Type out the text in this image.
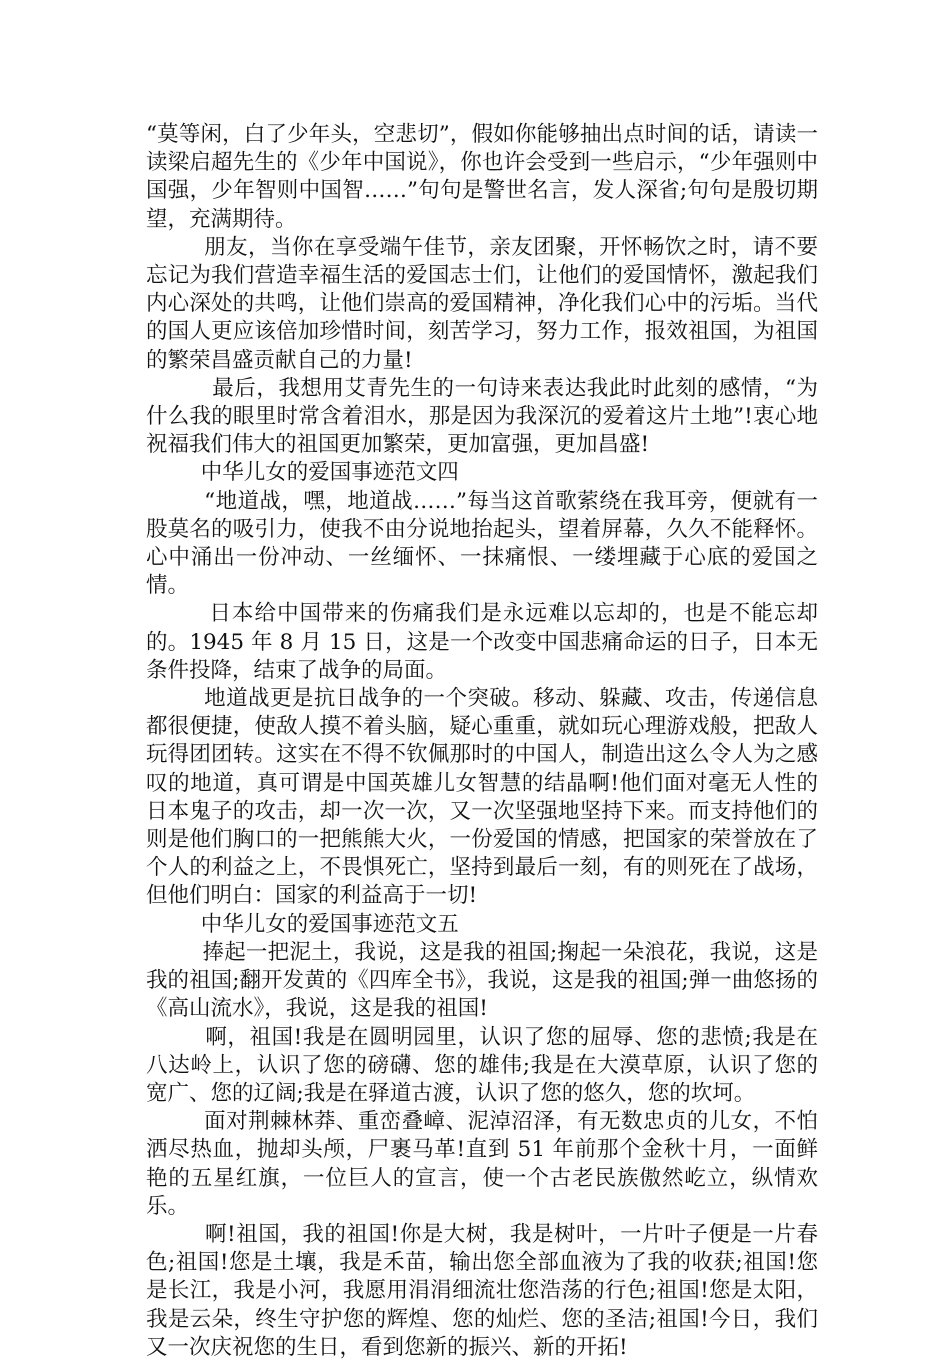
“莫等闲，白了少年头，空悲切”，假如你能够抽出点时间的话，请读一读梁启超先生的《少年中国说》，你也许会受到一些启示，“少年强则中国强，少年智则中国智……”句句是警世名言，发人深省;句句是殷切期望，充满期待。

朋友，当你在享受端午佳节，亲友团聚，开怀畅饮之时，请不要忘记为我们营造幸福生活的爱国志士们，让他们的爱国情怀，激起我们内心深处的共鸣，让他们崇高的爱国精神，净化我们心中的污垢。当代的国人更应该倍加珍惜时间，刻苦学习，努力工作，报效祖国，为祖国的繁荣昌盛贡献自己的力量!

最后，我想用艾青先生的一句诗来表达我此时此刻的感情，“为什么我的眼里时常含着泪水，那是因为我深沉的爱着这片土地”!衷心地祝福我们伟大的祖国更加繁荣，更加富强，更加昌盛!

中华儿女的爱国事迹范文四

“地道战，嘿，地道战……”每当这首歌萦绕在我耳旁，便就有一股莫名的吸引力，使我不由分说地抬起头，望着屏幕，久久不能释怀。心中涌出一份冲动、一丝缅怀、一抹痛恨、一缕埋藏于心底的爱国之情。

日本给中国带来的伤痛我们是永远难以忘却的，也是不能忘却的。1945 年 8 月 15 日，这是一个改变中国悲痛命运的日子，日本无条件投降，结束了战争的局面。

地道战更是抗日战争的一个突破。移动、躲藏、攻击，传递信息都很便捷，使敌人摸不着头脑，疑心重重，就如玩心理游戏般，把敌人玩得团团转。这实在不得不钦佩那时的中国人，制造出这么令人为之感叹的地道，真可谓是中国英雄儿女智慧的结晶啊!他们面对毫无人性的日本鬼子的攻击，却一次一次，又一次坚强地坚持下来。而支持他们的则是他们胸口的一把熊熊大火，一份爱国的情感，把国家的荣誉放在了个人的利益之上，不畏惧死亡，坚持到最后一刻，有的则死在了战场，但他们明白：国家的利益高于一切!

中华儿女的爱国事迹范文五

捧起一把泥土，我说，这是我的祖国;掬起一朵浪花，我说，这是我的祖国;翻开发黄的《四库全书》，我说，这是我的祖国;弹一曲悠扬的《高山流水》，我说，这是我的祖国!

啊，祖国!我是在圆明园里，认识了您的屈辱、您的悲愤;我是在八达岭上，认识了您的磅礴、您的雄伟;我是在大漠草原，认识了您的宽广、您的辽阔;我是在驿道古渡，认识了您的悠久，您的坎坷。

面对荆棘林莽、重峦叠嶂、泥淖沼泽，有无数忠贞的儿女，不怕洒尽热血，抛却头颅，尸裹马革!直到 51 年前那个金秋十月，一面鲜艳的五星红旗，一位巨人的宣言，使一个古老民族傲然屹立，纵情欢乐。

啊!祖国，我的祖国!你是大树，我是树叶，一片叶子便是一片春色;祖国!您是土壤，我是禾苗，输出您全部血液为了我的收获;祖国!您是长江，我是小河，我愿用涓涓细流壮您浩荡的行色;祖国!您是太阳，我是云朵，终生守护您的辉煌、您的灿烂、您的圣洁;祖国!今日，我们又一次庆祝您的生日，看到您新的振兴、新的开拓!
